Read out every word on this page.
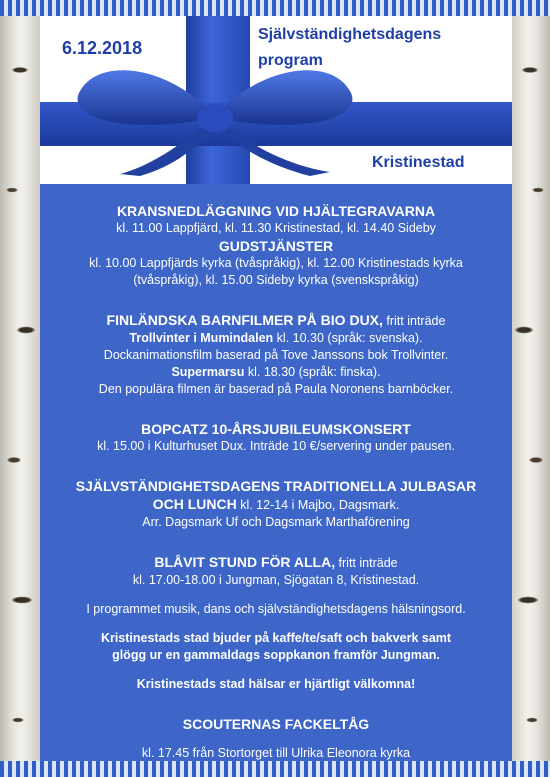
6.12.2018
Självständighetsdagens
program
Kristinestad
KRANSNEDLÄGGNING VID HJÄLTEGRAVARNA
kl. 11.00 Lappfjärd, kl. 11.30 Kristinestad, kl. 14.40 Sideby
GUDSTJÄNSTER
kl. 10.00 Lappfjärds kyrka (tvåspråkig), kl. 12.00 Kristinestads kyrka
(tvåspråkig), kl. 15.00 Sideby kyrka (svenskspråkig)
FINLÄNDSKA BARNFILMER PÅ BIO DUX, fritt inträde
Trollvinter i Mumindalen kl. 10.30 (språk: svenska).
Dockanimationsfilm baserad på Tove Janssons bok Trollvinter.
Supermarsu kl. 18.30 (språk: finska).
Den populära filmen är baserad på Paula Noronens barnböcker.
BOPCATZ 10-ÅRSJUBILEUMSKONSERT
kl. 15.00 i Kulturhuset Dux. Inträde 10 €/servering under pausen.
SJÄLVSTÄNDIGHETSDAGENS TRADITIONELLA JULBASAR
OCH LUNCH kl. 12-14 i Majbo, Dagsmark.
Arr. Dagsmark Uf och Dagsmark Marthaförening
BLÅVIT STUND FÖR ALLA, fritt inträde
kl. 17.00-18.00 i Jungman, Sjögatan 8, Kristinestad.
I programmet musik, dans och självständighetsdagens hälsningsord.
Kristinestads stad bjuder på kaffe/te/saft och bakverk samt
glögg ur en gammaldags soppkanon framför Jungman.
Kristinestads stad hälsar er hjärtligt välkomna!
SCOUTERNAS FACKELTÅG
kl. 17.45 från Stortorget till Ulrika Eleonora kyrka
